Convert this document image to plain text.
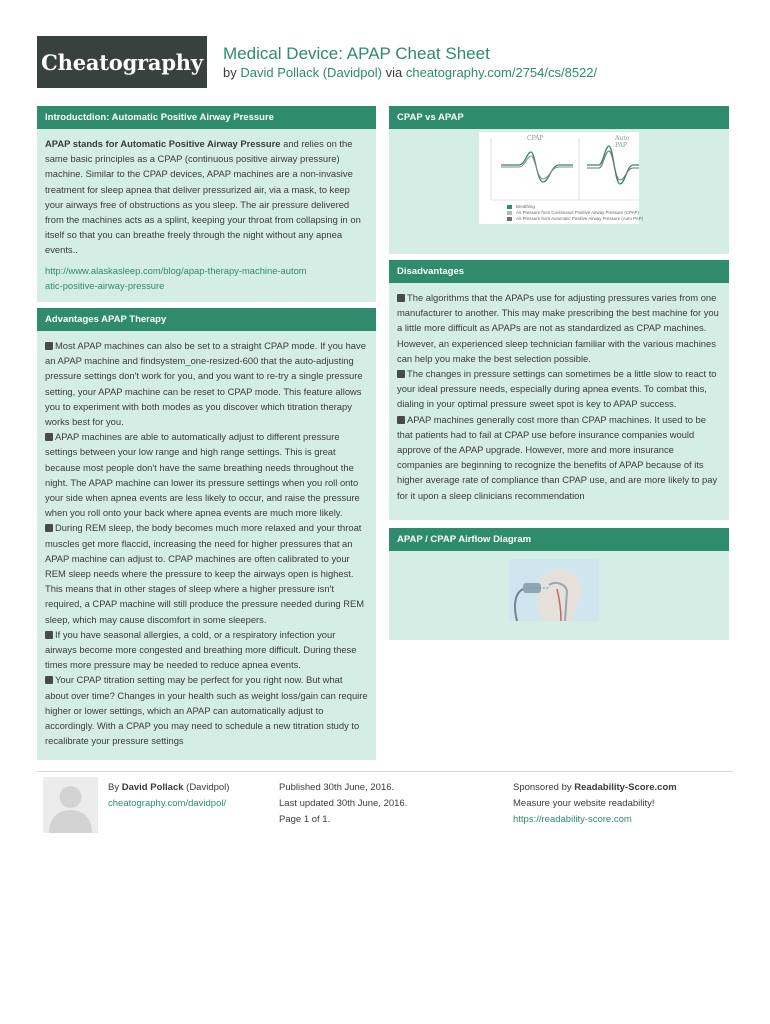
Cheatography Medical Device: APAP Cheat Sheet
by David Pollack (Davidpol) via cheatography.com/2754/cs/8522/
Introductdion: Automatic Positive Airway Pressure
APAP stands for Automatic Positive Airway Pressure and relies on the same basic principles as a CPAP (continuous positive airway pressure) machine. Similar to the CPAP devices, APAP machines are a non-invasive treatment for sleep apnea that deliver pressurized air, via a mask, to keep your airways free of obstructions as you sleep. The air pressure delivered from the machines acts as a splint, keeping your throat from collapsing in on itself so that you can breathe freely through the night without any apnea events..
http://www.alaskasleep.com/blog/apap-therapy-machine-automatic-positive-airway-pressure
Advantages APAP Therapy
Most APAP machines can also be set to a straight CPAP mode. If you have an APAP machine and findsystem_one-resized-600 that the auto-adjusting pressure settings don't work for you, and you want to re-try a single pressure setting, your APAP machine can be reset to CPAP mode. This feature allows you to experiment with both modes as you discover which titration therapy works best for you.
APAP machines are able to automatically adjust to different pressure settings between your low range and high range settings. This is great because most people don't have the same breathing needs throughout the night. The APAP machine can lower its pressure settings when you roll onto your side when apnea events are less likely to occur, and raise the pressure when you roll onto your back where apnea events are much more likely.
During REM sleep, the body becomes much more relaxed and your throat muscles get more flaccid, increasing the need for higher pressures that an APAP machine can adjust to. CPAP machines are often calibrated to your REM sleep needs where the pressure to keep the airways open is highest. This means that in other stages of sleep where a higher pressure isn't required, a CPAP machine will still produce the pressure needed during REM sleep, which may cause discomfort in some sleepers.
If you have seasonal allergies, a cold, or a respiratory infection your airways become more congested and breathing more difficult. During these times more pressure may be needed to reduce apnea events.
Your CPAP titration setting may be perfect for you right now. But what about over time? Changes in your health such as weight loss/gain can require higher or lower settings, which an APAP can automatically adjust to accordingly. With a CPAP you may need to schedule a new titration study to recalibrate your pressure settings
CPAP vs APAP
CPAP	Auto PAP
Breathing
Air Pressure from Continuous Positive Airway Pressure (CPAP)
Air Pressure from Automatic Positive Airway Pressure (Auto PAP)
Disadvantages
The algorithms that the APAPs use for adjusting pressures varies from one manufacturer to another. This may make prescribing the best machine for you a little more difficult as APAPs are not as standardized as CPAP machines. However, an experienced sleep technician familiar with the various machines can help you make the best selection possible.
The changes in pressure settings can sometimes be a little slow to react to your ideal pressure needs, especially during apnea events. To combat this, dialing in your optimal pressure sweet spot is key to APAP success.
APAP machines generally cost more than CPAP machines. It used to be that patients had to fail at CPAP use before insurance companies would approve of the APAP upgrade. However, more and more insurance companies are beginning to recognize the benefits of APAP because of its higher average rate of compliance than CPAP use, and are more likely to pay for it upon a sleep clinicians recommendation
APAP / CPAP Airflow Diagram
By David Pollack (Davidpol)
cheatography.com/davidpol/
Published 30th June, 2016.
Last updated 30th June, 2016.
Page 1 of 1.
Sponsored by Readability-Score.com
Measure your website readability!
https://readability-score.com
